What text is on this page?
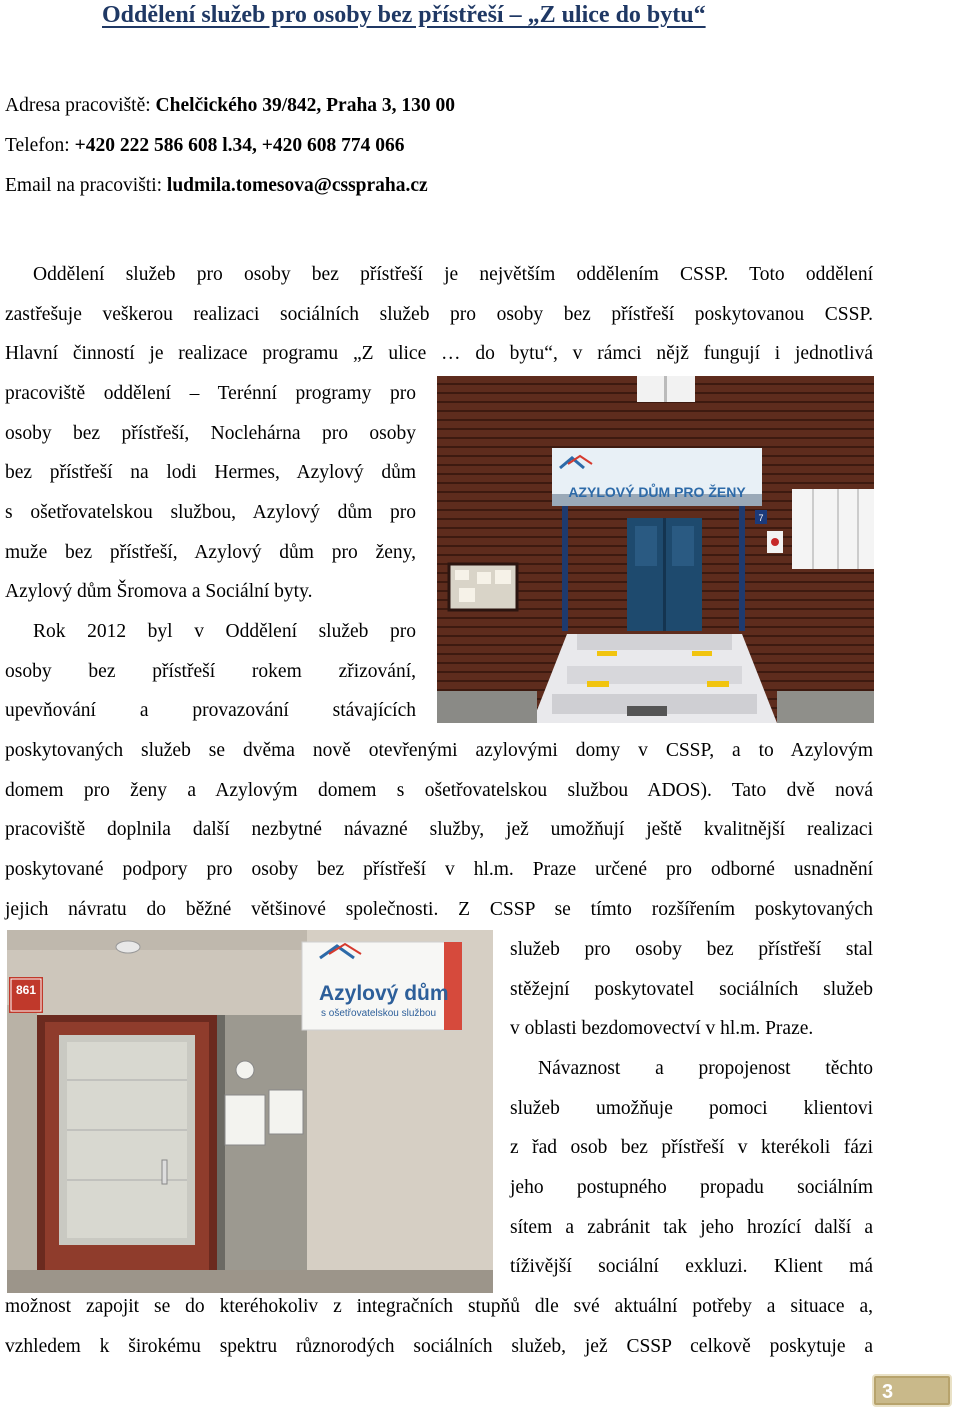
Oddělení služeb pro osoby bez přístřeší – „Z ulice do bytu“
Adresa pracoviště: Chelčického 39/842, Praha 3, 130 00
Telefon: +420 222 586 608 l.34, +420 608 774 066
Email na pracovišti: ludmila.tomesova@csspraha.cz
Oddělení služeb pro osoby bez přístřeší je největším oddělením CSSP. Toto oddělení
zastřešuje veškerou realizaci sociálních služeb pro osoby bez přístřeší poskytovanou CSSP.
Hlavní činností je realizace programu „Z ulice … do bytu“, v rámci nějž fungují i jednotlivá
pracoviště oddělení – Terénní programy pro
osoby bez přístřeší, Noclehárna pro osoby
bez přístřeší na lodi Hermes, Azylový dům
s ošetřovatelskou službou, Azylový dům pro
muže bez přístřeší, Azylový dům pro ženy,
Azylový dům Šromova a Sociální byty.
Rok 2012 byl v Oddělení služeb pro
osoby bez přístřeší rokem zřizování,
upevňování a provazování stávajících
poskytovaných služeb se dvěma nově otevřenými azylovými domy v CSSP, a to Azylovým
domem pro ženy a Azylovým domem s ošetřovatelskou službou ADOS). Tato dvě nová
pracoviště doplnila další nezbytné návazné služby, jež umožňují ještě kvalitnější realizaci
poskytované podpory pro osoby bez přístřeší v hl.m. Praze určené pro odborné usnadnění
jejich návratu do běžné většinové společnosti. Z CSSP se tímto rozšířením poskytovaných
služeb pro osoby bez přístřeší stal
stěžejní poskytovatel sociálních služeb
v oblasti bezdomovectví v hl.m. Praze.
Návaznost a propojenost těchto
služeb umožňuje pomoci klientovi
z řad osob bez přístřeší v kterékoli fázi
jeho postupného propadu sociálním
sítem a zabránit tak jeho hrozící další a
tíživější sociální exkluzi. Klient má
možnost zapojit se do kteréhokoliv z integračních stupňů dle své aktuální potřeby a situace a,
vzhledem k širokému spektru různorodých sociálních služeb, jež CSSP celkově poskytuje a
AZYLOVÝ DŮM PRO ŽENY
7
861	Azylový dům
s ošetřovatelskou službou
3
